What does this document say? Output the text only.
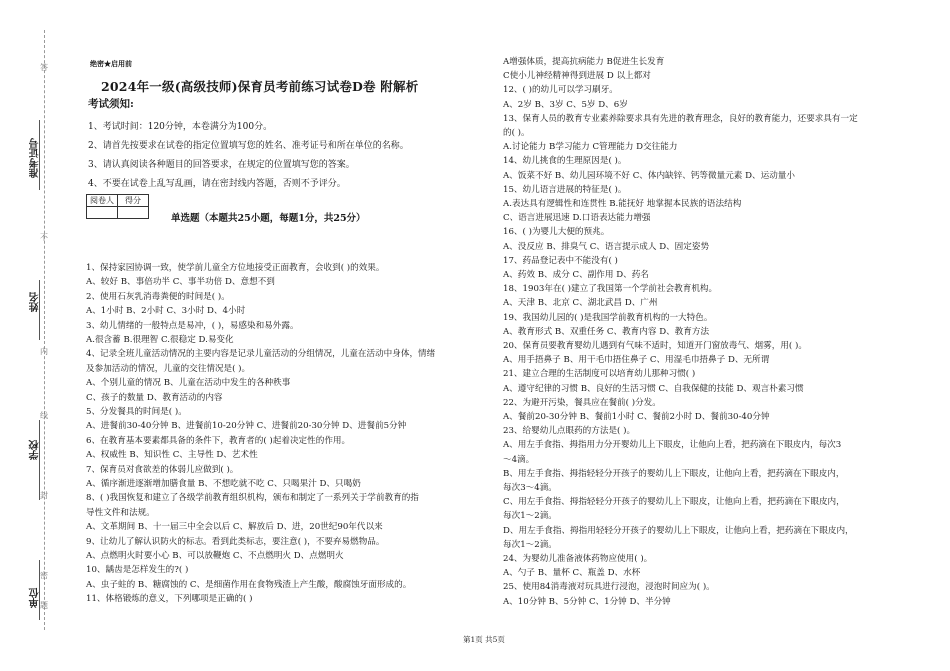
准考证号
姓名
学校
单位
答
不
内
线
封
密
题
绝密★启用前
2024年一级(高级技师)保育员考前练习试卷D卷 附解析
考试须知:
1、考试时间：120分钟，本卷满分为100分。
2、请首先按要求在试卷的指定位置填写您的姓名、准考证号和所在单位的名称。
3、请认真阅读各种题目的回答要求，在规定的位置填写您的答案。
4、不要在试卷上乱写乱画，请在密封线内答题，否则不予评分。
阅卷人	得分

单选题（本题共25小题，每题1分，共25分）
1、保持家园协调一致，使学前儿童全方位地接受正面教育，会收到( )的效果。
A、较好 B、事倍功半 C、事半功倍 D、意想不到
2、使用石灰乳消毒粪便的时间是( )。
A、1小时 B、2小时 C、3小时 D、4小时
3、幼儿情绪的一般特点是易冲，( )，易感染和易外露。
A.很含蓄 B.很理智 C.很稳定 D.易变化
4、记录全班儿童活动情况的主要内容是记录儿童活动的分组情况，儿童在活动中身体，情绪
及参加活动的情况，儿童的交往情况是( )。
A、个别儿童的情况 B、儿童在活动中发生的各种秩事
C、孩子的数量 D、教育活动的内容
5、分发餐具的时间是( )。
A、进餐前30-40分钟 B、进餐前10-20分钟 C、进餐前20-30分钟 D、进餐前5分钟
6、在教育基本要素都具备的条件下，教育者的( )起着决定性的作用。
A、权威性 B、知识性 C、主导性 D、艺术性
7、保育员对食欲差的体弱儿应做到( )。
A、循序渐进逐渐增加膳食量 B、不想吃就不吃 C、只喝果汁 D、只喝奶
8、( )我国恢复和建立了各级学前教育组织机构，颁布和制定了一系列关于学前教育的指
导性文件和法规。
A、文革期间 B、十一届三中全会以后 C、解放后 D、进，20世纪90年代以来
9、让幼儿了解认识防火的标志。看到此类标志，要注意( )，不要弃易燃物品。
A、点燃明火时要小心 B、可以放鞭炮 C、不点燃明火 D、点燃明火
10、龋齿是怎样发生的?( )
A、虫子蛀的 B、糖腐蚀的 C、是细菌作用在食物残渣上产生酸，酸腐蚀牙面形成的。
11、体格锻炼的意义，下列哪项是正确的( )
A增强体质，提高抗病能力 B促进生长发育
C使小儿神经精神得到进展 D 以上都对
12、( )的幼儿可以学习刷牙。
A、2岁 B、3岁 C、5岁 D、6岁
13、保育人员的教育专业素养除要求具有先进的教育理念，良好的教育能力，还要求具有一定
的( )。
A.讨论能力 B学习能力 C管理能力 D交往能力
14、幼儿挑食的生理原因是( )。
A、饭菜不好 B、幼儿园环境不好 C、体内缺锌、钙等微量元素 D、运动量小
15、幼儿语言进展的特征是( )。
A.表达具有逻辑性和连贯性 B.能抚好 地掌握本民族的语法结构
C、语言进展迅速 D.口语表达能力增强
16、( )为婴儿大便的预兆。
A、没反应 B、排臭气 C、语言提示成人 D、固定姿势
17、药品登记表中不能没有( )
A、药效 B、成分 C、副作用 D、药名
18、1903年在( )建立了我国第一个学前社会教育机构。
A、天津 B、北京 C、湖北武昌 D、广州
19、我国幼儿园的( )是我国学前教育机构的一大特色。
A、教育形式 B、双重任务 C、教育内容 D、教育方法
20、保育员要教育婴幼儿遇到有气味不适时，知道开门窗放毒气、烟雾，用( )。
A、用手捂鼻子 B、用干毛巾捂住鼻子 C、用湿毛巾捂鼻子 D、无所谓
21、建立合理的生活制度可以培育幼儿那种习惯( )
A、遵守纪律的习惯 B、良好的生活习惯 C、自我保健的技能 D、观言朴素习惯
22、为避开污染，餐具应在餐前( )分发。
A、餐前20-30分钟 B、餐前1小时 C、餐前2小时 D、餐前30-40分钟
23、给婴幼儿点眼药的方法是( )。
A、用左手食指、拇指用力分开婴幼儿上下眼皮，让他向上看，把药滴在下眼皮内，每次3
～4滴。
B、用左手食指、拇指轻轻分开孩子的婴幼儿上下眼皮，让他向上看，把药滴在下眼皮内，
每次3～4滴。
C、用左手食指、拇指轻轻分开孩子的婴幼儿上下眼皮，让他向上看，把药滴在下眼皮内，
每次1～2滴。
D、用左手食指、拇指用轻轻分开孩子的婴幼儿上下眼皮，让他向上看，把药滴在下眼皮内，
每次1～2滴。
24、为婴幼儿准备液体药物应使用( )。
A、勺子 B、量杯 C、瓶盖 D、水杯
25、使用84消毒液对玩具进行浸泡，浸泡时间应为( )。
A、10分钟 B、5分钟 C、1分钟 D、半分钟
第1页 共5页
